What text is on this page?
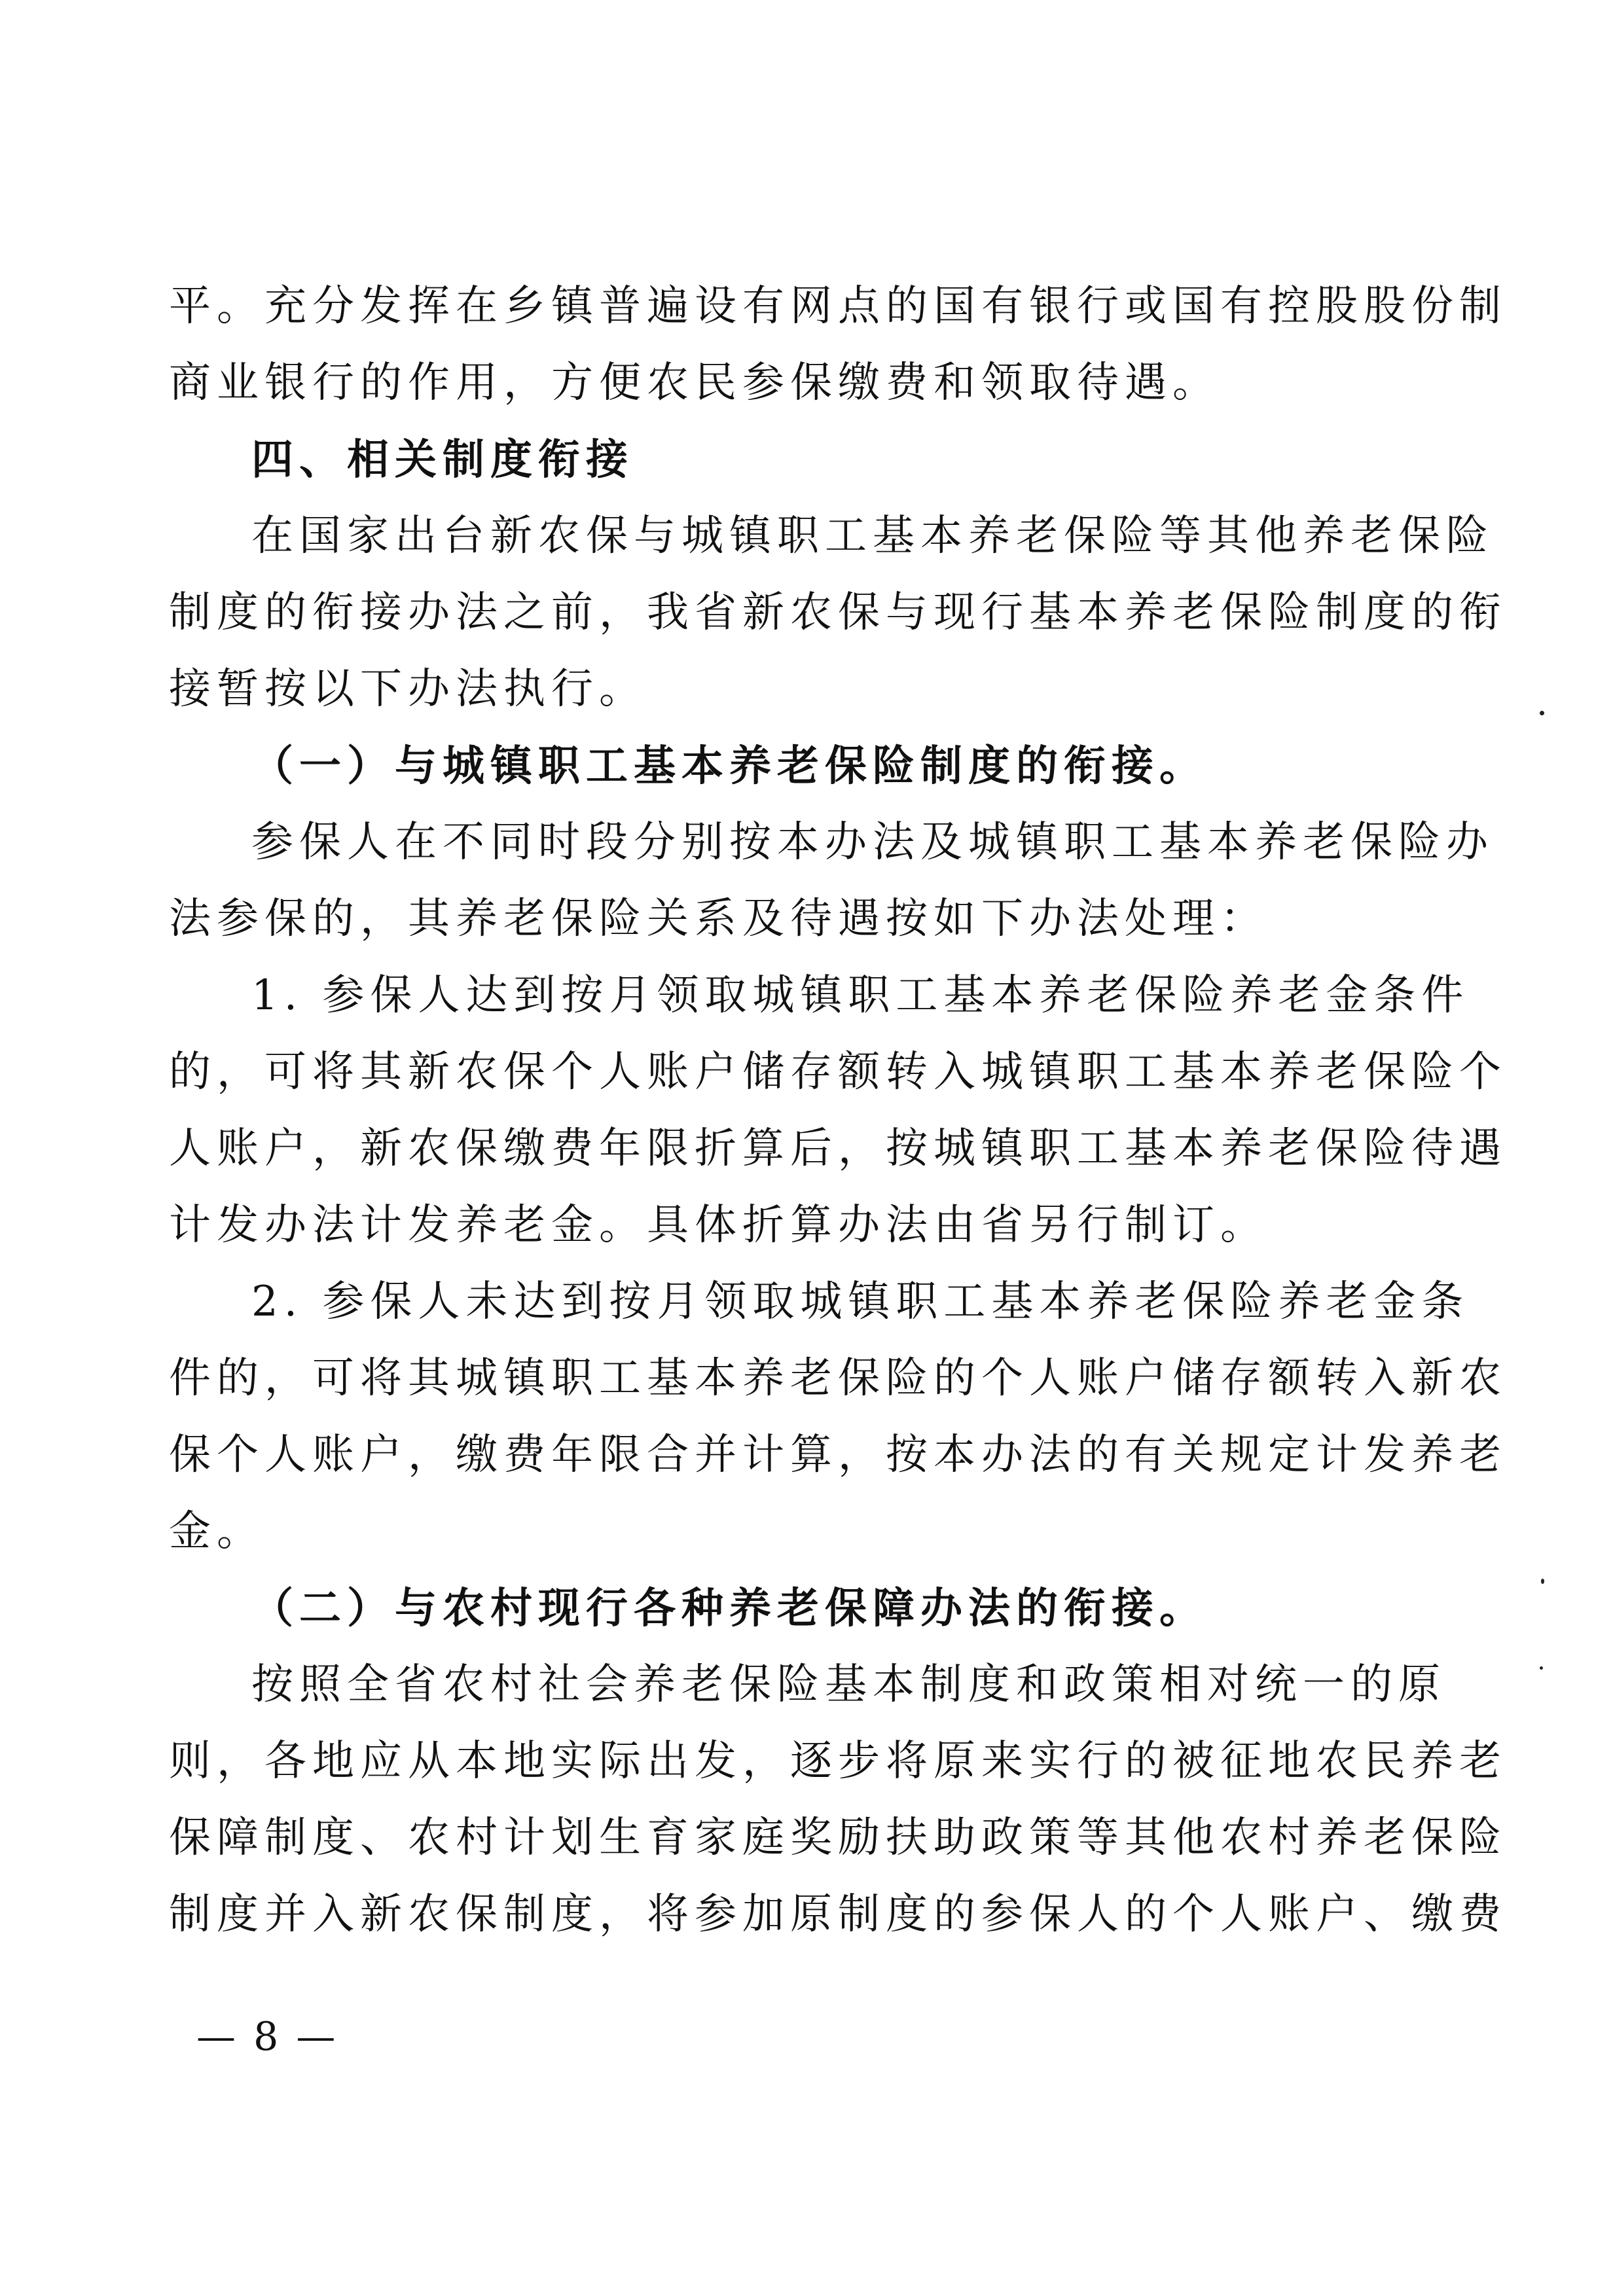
平。充分发挥在乡镇普遍设有网点的国有银行或国有控股股份制
商业银行的作用，方便农民参保缴费和领取待遇。
四、相关制度衔接
在国家出台新农保与城镇职工基本养老保险等其他养老保险
制度的衔接办法之前，我省新农保与现行基本养老保险制度的衔
接暂按以下办法执行。
（一）与城镇职工基本养老保险制度的衔接。
参保人在不同时段分别按本办法及城镇职工基本养老保险办
法参保的，其养老保险关系及待遇按如下办法处理：
1. 参保人达到按月领取城镇职工基本养老保险养老金条件
的，可将其新农保个人账户储存额转入城镇职工基本养老保险个
人账户，新农保缴费年限折算后，按城镇职工基本养老保险待遇
计发办法计发养老金。具体折算办法由省另行制订。
2. 参保人未达到按月领取城镇职工基本养老保险养老金条
件的，可将其城镇职工基本养老保险的个人账户储存额转入新农
保个人账户，缴费年限合并计算，按本办法的有关规定计发养老
金。
（二）与农村现行各种养老保障办法的衔接。
按照全省农村社会养老保险基本制度和政策相对统一的原
则，各地应从本地实际出发，逐步将原来实行的被征地农民养老
保障制度、农村计划生育家庭奖励扶助政策等其他农村养老保险
制度并入新农保制度，将参加原制度的参保人的个人账户、缴费
— 8 —
